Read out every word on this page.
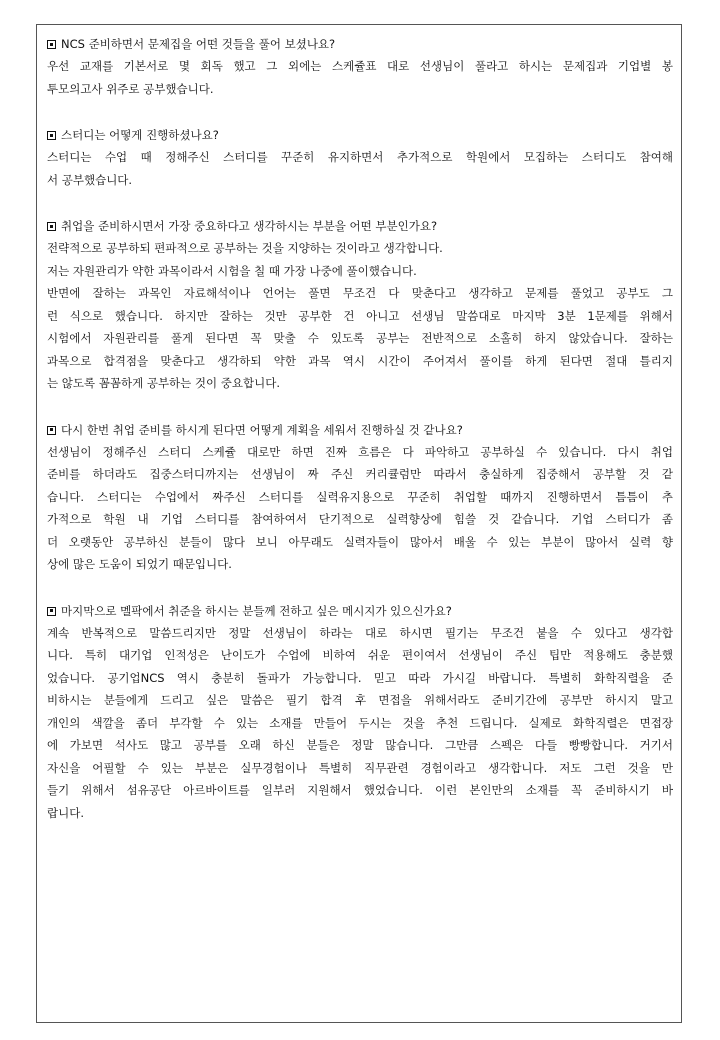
NCS 준비하면서 문제집을 어떤 것들을 풀어 보셨나요?

우선 교재를 기본서로 몇 회독 했고 그 외에는 스케쥴표 대로 선생님이 풀라고 하시는 문제집과 기업별 봉

투모의고사 위주로 공부했습니다.

스터디는 어떻게 진행하셨나요?

스터디는 수업 때 정해주신 스터디를 꾸준히 유지하면서 추가적으로 학원에서 모집하는 스터디도 참여해

서 공부했습니다.

취업을 준비하시면서 가장 중요하다고 생각하시는 부분을 어떤 부분인가요?

전략적으로 공부하되 편파적으로 공부하는 것을 지양하는 것이라고 생각합니다.

저는 자원관리가 약한 과목이라서 시험을 칠 때 가장 나중에 풀이했습니다.

반면에 잘하는 과목인 자료해석이나 언어는 풀면 무조건 다 맞춘다고 생각하고 문제를 풀었고 공부도 그

런 식으로 했습니다. 하지만 잘하는 것만 공부한 건 아니고 선생님 말씀대로 마지막 3분 1문제를 위해서

시험에서 자원관리를 풀게 된다면 꼭 맞출 수 있도록 공부는 전반적으로 소홀히 하지 않았습니다. 잘하는

과목으로 합격점을 맞춘다고 생각하되 약한 과목 역시 시간이 주어져서 풀이를 하게 된다면 절대 틀리지

는 않도록 꼼꼼하게 공부하는 것이 중요합니다.

다시 한번 취업 준비를 하시게 된다면 어떻게 계획을 세워서 진행하실 것 같나요?

선생님이 정해주신 스터디 스케쥴 대로만 하면 진짜 흐름은 다 파악하고 공부하실 수 있습니다. 다시 취업

준비를 하더라도 집중스터디까지는 선생님이 짜 주신 커리큘럼만 따라서 충실하게 집중해서 공부할 것 같

습니다. 스터디는 수업에서 짜주신 스터디를 실력유지용으로 꾸준히 취업할 때까지 진행하면서 틈틈이 추

가적으로 학원 내 기업 스터디를 참여하여서 단기적으로 실력향상에 힘쓸 것 같습니다. 기업 스터디가 좀

더 오랫동안 공부하신 분들이 많다 보니 아무래도 실력자들이 많아서 배울 수 있는 부분이 많아서 실력 향

상에 많은 도움이 되었기 때문입니다.

마지막으로 멜팍에서 취준을 하시는 분들께 전하고 싶은 메시지가 있으신가요?

계속 반복적으로 말씀드리지만 정말 선생님이 하라는 대로 하시면 필기는 무조건 붙을 수 있다고 생각합

니다. 특히 대기업 인적성은 난이도가 수업에 비하여 쉬운 편이여서 선생님이 주신 팁만 적용해도 충분했

었습니다. 공기업NCS 역시 충분히 돌파가 가능합니다. 믿고 따라 가시길 바랍니다. 특별히 화학직렬을 준

비하시는 분들에게 드리고 싶은 말씀은 필기 합격 후 면접을 위해서라도 준비기간에 공부만 하시지 말고

개인의 색깔을 좀더 부각할 수 있는 소재를 만들어 두시는 것을 추천 드립니다. 실제로 화학직렬은 면접장

에 가보면 석사도 많고 공부를 오래 하신 분들은 정말 많습니다. 그만큼 스펙은 다들 빵빵합니다. 거기서

자신을 어필할 수 있는 부분은 실무경험이나 특별히 직무관련 경험이라고 생각합니다. 저도 그런 것을 만

들기 위해서 섬유공단 아르바이트를 일부러 지원해서 했었습니다. 이런 본인만의 소재를 꼭 준비하시기 바

랍니다.
